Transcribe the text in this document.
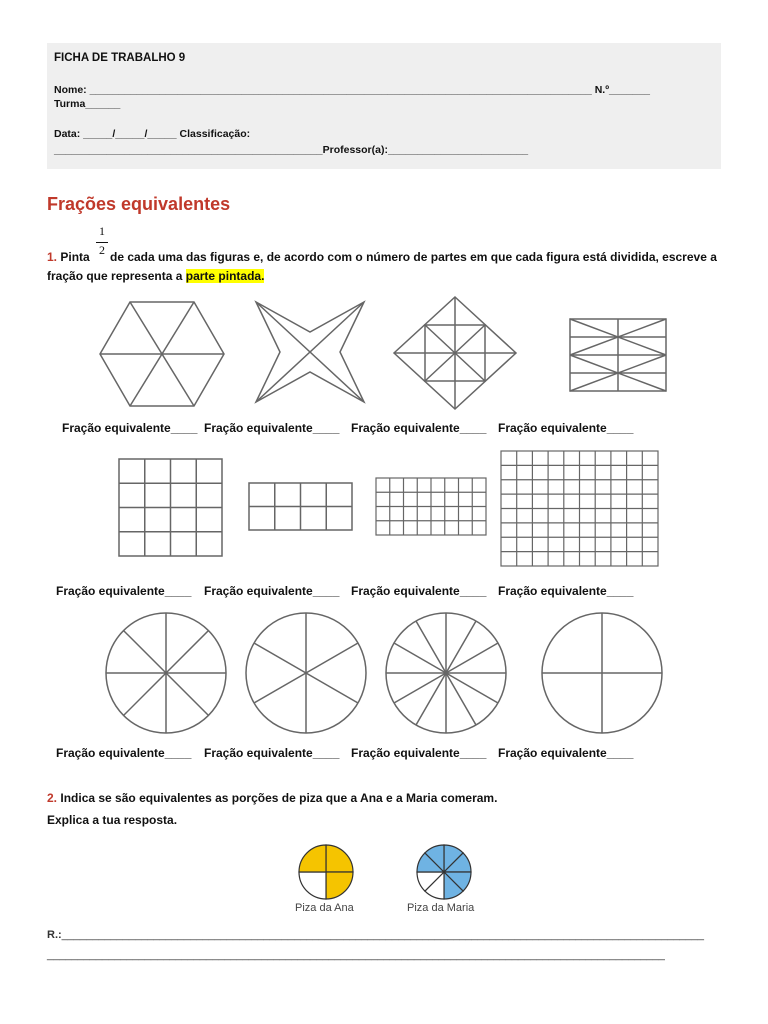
FICHA DE TRABALHO 9
Nome: ______________________________________________________________________________________ N.º_______
Turma______
Data: _____/_____/_____ Classificação:
______________________________________________Professor(a):________________________
Frações equivalentes
1. Pinta $\frac{1}{2}$ de cada uma das figuras e, de acordo com o número de partes em que cada figura está dividida, escreve a
fração que representa a parte pintada.
Fração equivalente____ Fração equivalente____ Fração equivalente____ Fração equivalente____
Fração equivalente____ Fração equivalente____ Fração equivalente____ Fração equivalente____
Fração equivalente____ Fração equivalente____ Fração equivalente____ Fração equivalente____
2. Indica se são equivalentes as porções de piza que a Ana e a Maria comeram.
Explica a tua resposta.
Piza da Ana	Piza da Maria
R.:_________________________________________________________________________________________________________
_____________________________________________________________________________________________________
